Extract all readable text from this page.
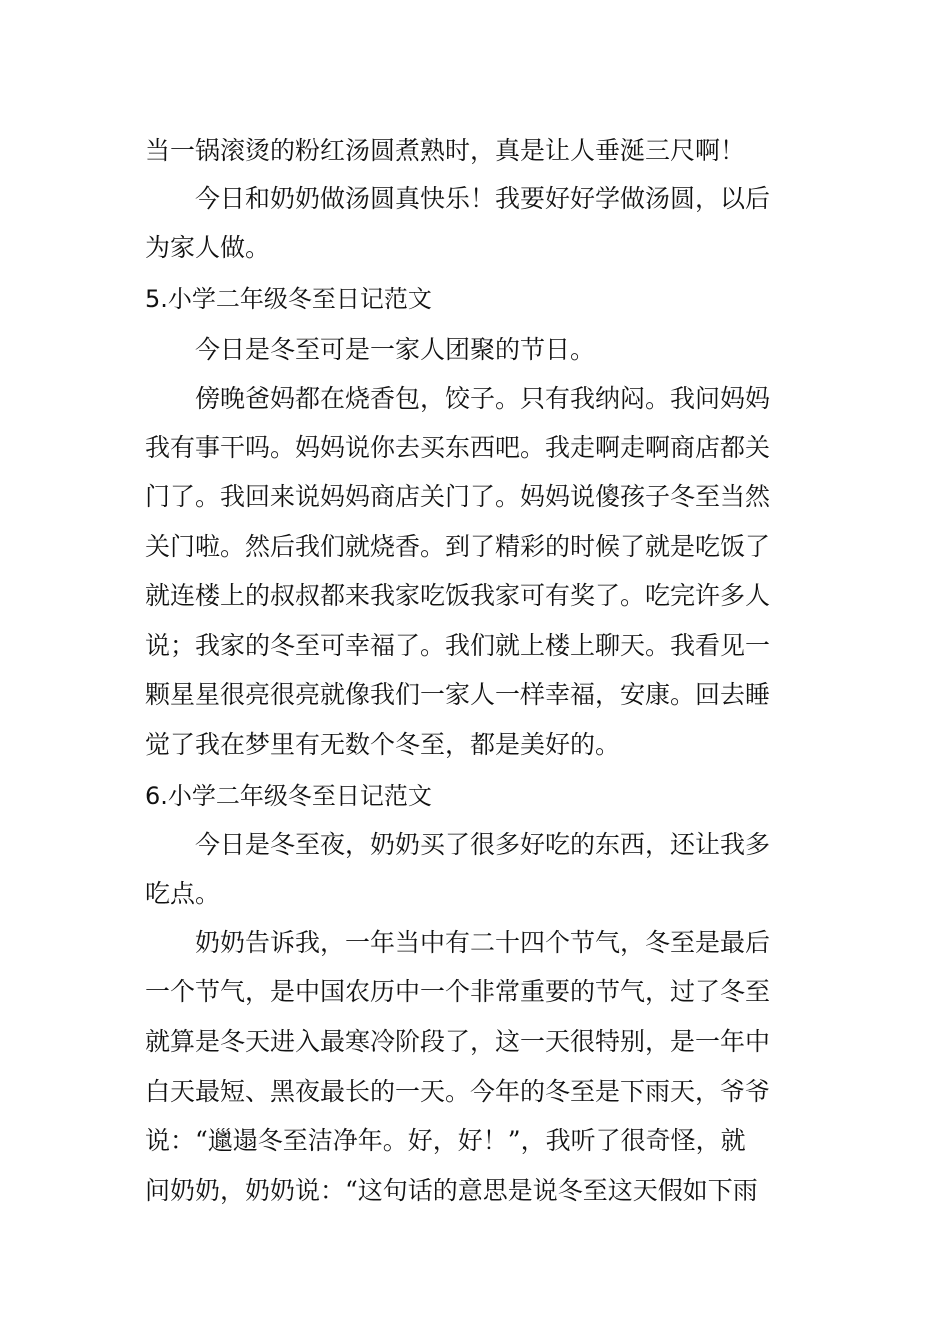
当一锅滚烫的粉红汤圆煮熟时，真是让人垂涎三尺啊！

今日和奶奶做汤圆真快乐！我要好好学做汤圆，以后

为家人做。

5.小学二年级冬至日记范文

今日是冬至可是一家人团聚的节日。

傍晚爸妈都在烧香包，饺子。只有我纳闷。我问妈妈

我有事干吗。妈妈说你去买东西吧。我走啊走啊商店都关

门了。我回来说妈妈商店关门了。妈妈说傻孩子冬至当然

关门啦。然后我们就烧香。到了精彩的时候了就是吃饭了

就连楼上的叔叔都来我家吃饭我家可有奖了。吃完许多人

说；我家的冬至可幸福了。我们就上楼上聊天。我看见一

颗星星很亮很亮就像我们一家人一样幸福，安康。回去睡

觉了我在梦里有无数个冬至，都是美好的。

6.小学二年级冬至日记范文

今日是冬至夜，奶奶买了很多好吃的东西，还让我多

吃点。

奶奶告诉我，一年当中有二十四个节气，冬至是最后

一个节气，是中国农历中一个非常重要的节气，过了冬至

就算是冬天进入最寒冷阶段了，这一天很特别，是一年中

白天最短、黑夜最长的一天。今年的冬至是下雨天，爷爷

说：“邋遢冬至洁净年。好，好！”，我听了很奇怪，就

问奶奶，奶奶说：“这句话的意思是说冬至这天假如下雨
